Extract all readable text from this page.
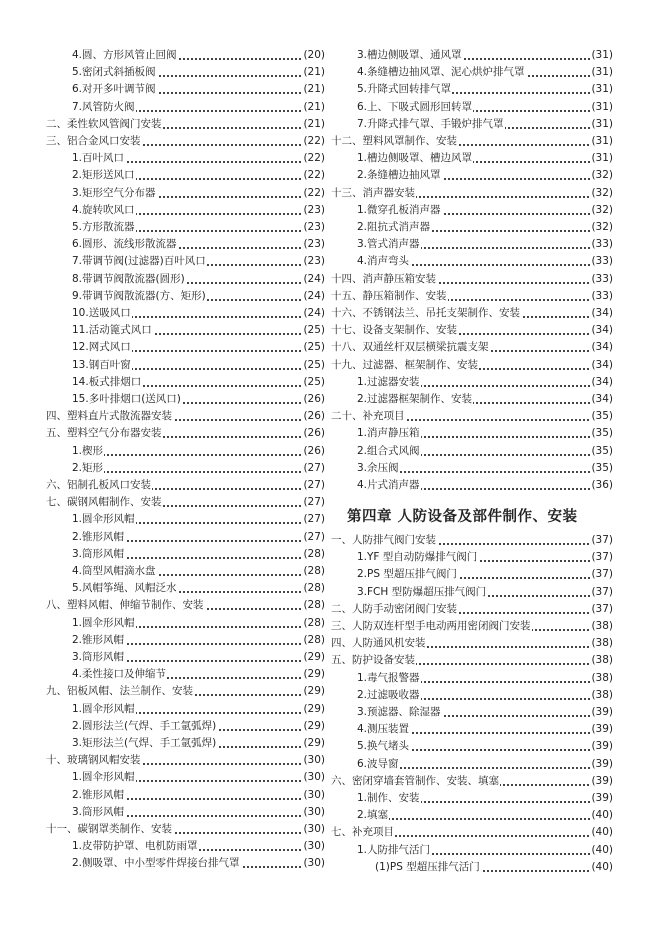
4.圆、方形风管止回阀	(20)
5.密闭式斜插板阀	(21)
6.对开多叶调节阀	(21)
7.风管防火阀	(21)
二、柔性软风管阀门安装	(21)
三、铝合金风口安装	(22)
1.百叶风口	(22)
2.矩形送风口	(22)
3.矩形空气分布器	(22)
4.旋转吹风口	(23)
5.方形散流器	(23)
6.圆形、流线形散流器	(23)
7.带调节阀(过滤器)百叶风口	(23)
8.带调节阀散流器(圆形)	(24)
9.带调节阀散流器(方、矩形)	(24)
10.送吸风口	(24)
11.活动篦式风口	(25)
12.网式风口	(25)
13.钢百叶窗	(25)
14.板式排烟口	(25)
15.多叶排烟口(送风口)	(26)
四、塑料直片式散流器安装	(26)
五、塑料空气分布器安装	(26)
1.楔形	(26)
2.矩形	(27)
六、铝制孔板风口安装	(27)
七、碳钢风帽制作、安装	(27)
1.圆伞形风帽	(27)
2.锥形风帽	(27)
3.筒形风帽	(28)
4.筒型风帽滴水盘	(28)
5.风帽筝绳、风帽泛水	(28)
八、塑料风帽、伸缩节制作、安装	(28)
1.圆伞形风帽	(28)
2.锥形风帽	(28)
3.筒形风帽	(29)
4.柔性接口及伸缩节	(29)
九、铝板风帽、法兰制作、安装	(29)
1.圆伞形风帽	(29)
2.圆形法兰(气焊、手工氩弧焊)	(29)
3.矩形法兰(气焊、手工氩弧焊)	(29)
十、玻璃钢风帽安装	(30)
1.圆伞形风帽	(30)
2.锥形风帽	(30)
3.筒形风帽	(30)
十一、碳钢罩类制作、安装	(30)
1.皮带防护罩、电机防雨罩	(30)
2.侧吸罩、中小型零件焊接台排气罩	(30)
3.槽边侧吸罩、通风罩	(31)
4.条缝槽边抽风罩、泥心烘炉排气罩	(31)
5.升降式回转排气罩	(31)
6.上、下吸式圆形回转罩	(31)
7.升降式排气罩、手锻炉排气罩	(31)
十二、塑料风罩制作、安装	(31)
1.槽边侧吸罩、槽边风罩	(31)
2.条缝槽边抽风罩	(32)
十三、消声器安装	(32)
1.微穿孔板消声器	(32)
2.阻抗式消声器	(32)
3.管式消声器	(33)
4.消声弯头	(33)
十四、消声静压箱安装	(33)
十五、静压箱制作、安装	(33)
十六、不锈钢法兰、吊托支架制作、安装	(34)
十七、设备支架制作、安装	(34)
十八、双通丝杆双层横梁抗震支架	(34)
十九、过滤器、框架制作、安装	(34)
1.过滤器安装	(34)
2.过滤器框架制作、安装	(34)
二十、补充项目	(35)
1.消声静压箱	(35)
2.组合式风阀	(35)
3.余压阀	(35)
4.片式消声器	(36)
第四章 人防设备及部件制作、安装
一、人防排气阀门安装	(37)
1.YF 型自动防爆排气阀门	(37)
2.PS 型超压排气阀门	(37)
3.FCH 型防爆超压排气阀门	(37)
二、人防手动密闭阀门安装	(37)
三、人防双连杆型手电动两用密闭阀门安装	(38)
四、人防通风机安装	(38)
五、防护设备安装	(38)
1.毒气报警器	(38)
2.过滤吸收器	(38)
3.预滤器、除湿器	(39)
4.测压装置	(39)
5.换气堵头	(39)
6.波导窗	(39)
六、密闭穿墙套管制作、安装、填塞	(39)
1.制作、安装	(39)
2.填塞	(40)
七、补充项目	(40)
1.人防排气活门	(40)
(1)PS 型超压排气活门	(40)
